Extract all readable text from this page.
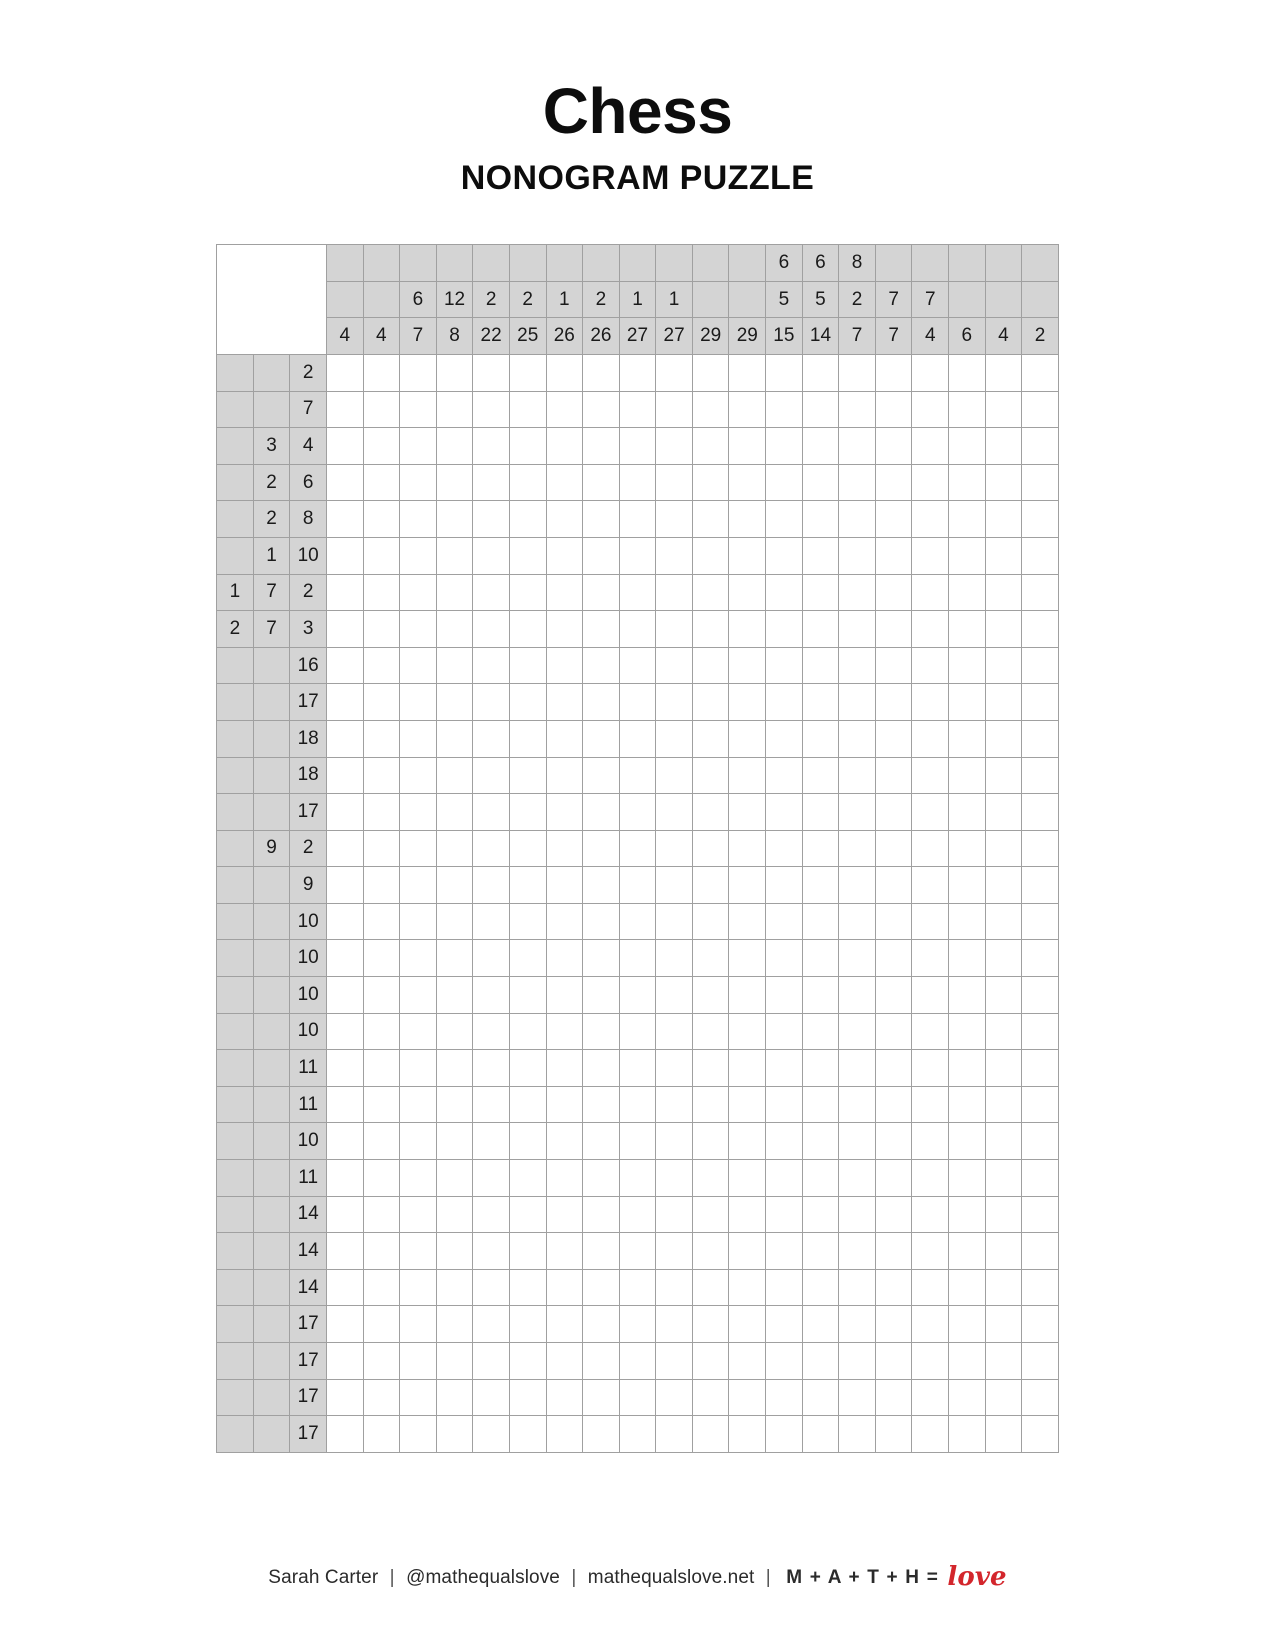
Chess
NONOGRAM PUZZLE
															6	6	8					
					6	12	2	2	1	2	1	1			5	5	2	7	7			
			4	4	7	8	22	25	26	26	27	27	29	29	15	14	7	7	4	6	4	2
		2																				
		7																				
	3	4																				
	2	6																				
	2	8																				
	1	10																				
1	7	2																				
2	7	3																				
		16																				
		17																				
		18																				
		18																				
		17																				
	9	2																				
		9																				
		10																				
		10																				
		10																				
		10																				
		11																				
		11																				
		10																				
		11																				
		14																				
		14																				
		14																				
		17																				
		17																				
		17																				
		17																				
Sarah Carter | @mathequalslove | mathequalslove.net | M + A + T + H = love
